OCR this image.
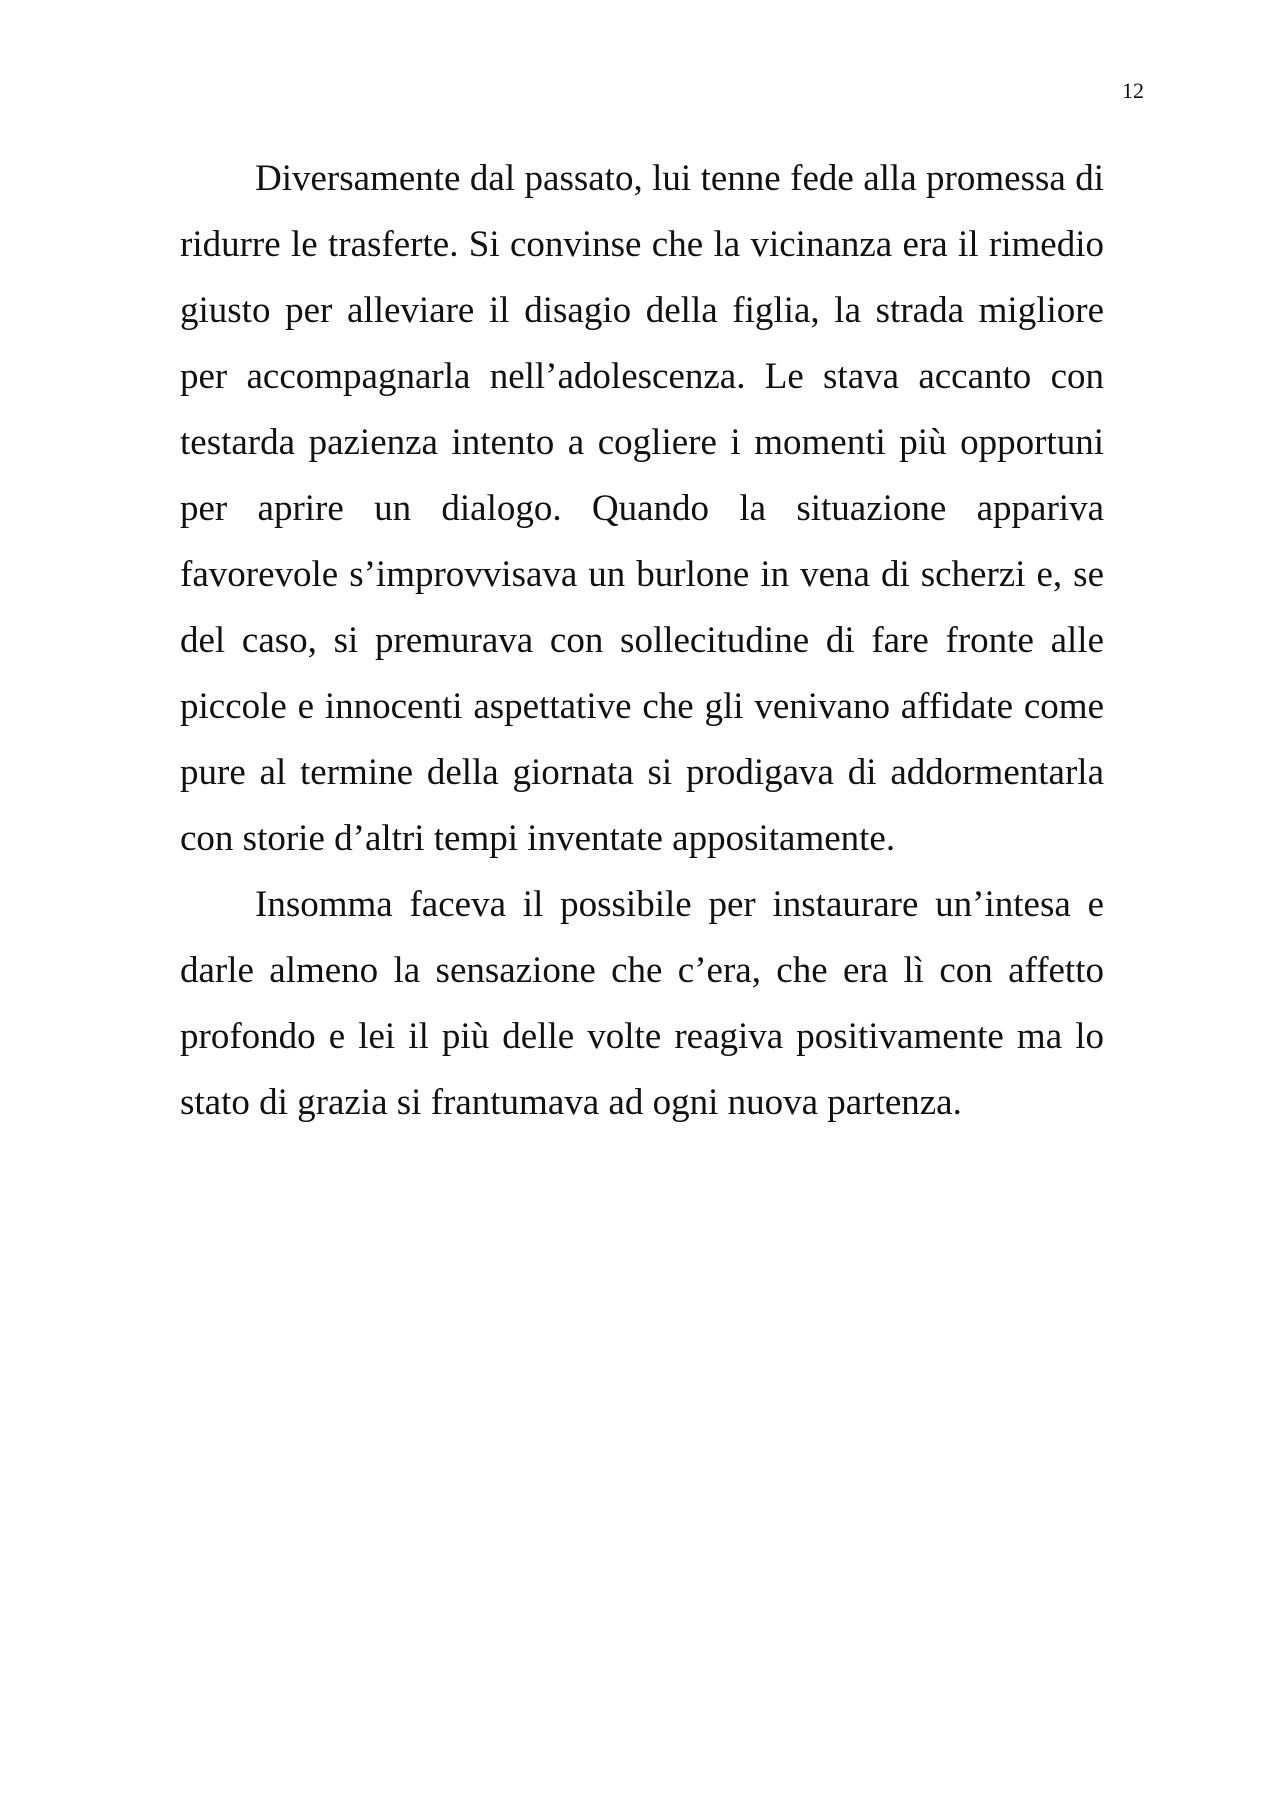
12

Diversamente dal passato, lui tenne fede alla promessa di ridurre le trasferte. Si convinse che la vicinanza era il rimedio giusto per alleviare il disagio della figlia, la strada migliore per accompagnarla nell’adolescenza. Le stava accanto con testarda pazienza intento a cogliere i momenti più opportuni per aprire un dialogo. Quando la situazione appariva favorevole s’improvvisava un burlone in vena di scherzi e, se del caso, si premurava con sollecitudine di fare fronte alle piccole e innocenti aspettative che gli venivano affidate come pure al termine della giornata si prodigava di addormentarla con storie d’altri tempi inventate appositamente.

Insomma faceva il possibile per instaurare un’intesa e darle almeno la sensazione che c’era, che era lì con affetto profondo e lei il più delle volte reagiva positivamente ma lo stato di grazia si frantumava ad ogni nuova partenza.
